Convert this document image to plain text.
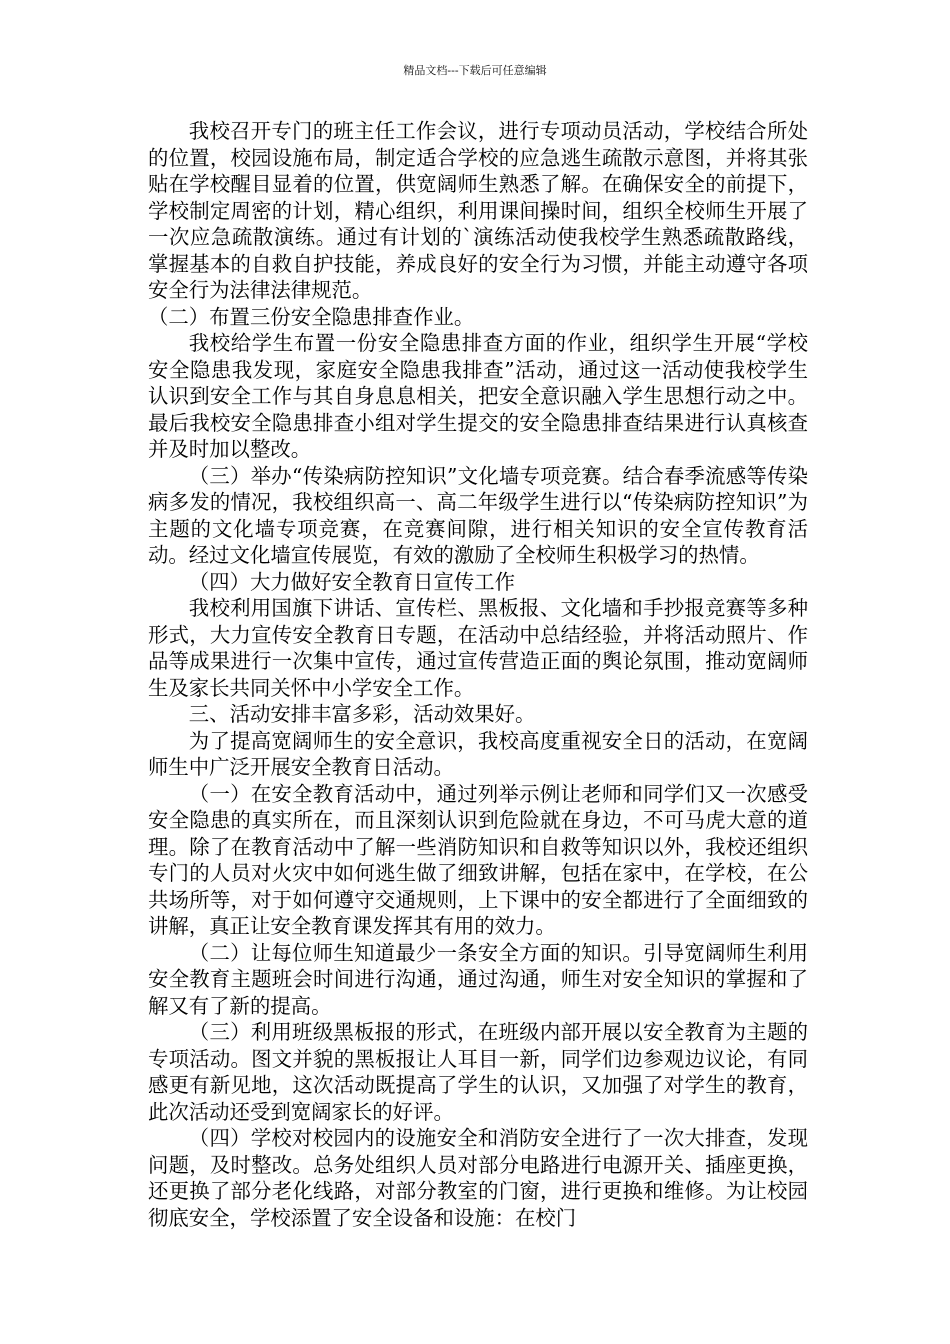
精品文档---下载后可任意编辑

我校召开专门的班主任工作会议，进行专项动员活动，学校结合所处的位置，校园设施布局，制定适合学校的应急逃生疏散示意图，并将其张贴在学校醒目显着的位置，供宽阔师生熟悉了解。在确保安全的前提下，学校制定周密的计划，精心组织，利用课间操时间，组织全校师生开展了一次应急疏散演练。通过有计划的`演练活动使我校学生熟悉疏散路线，掌握基本的自救自护技能，养成良好的安全行为习惯，并能主动遵守各项安全行为法律法律规范。

（二）布置三份安全隐患排查作业。

我校给学生布置一份安全隐患排查方面的作业，组织学生开展“学校安全隐患我发现，家庭安全隐患我排查”活动，通过这一活动使我校学生认识到安全工作与其自身息息相关，把安全意识融入学生思想行动之中。最后我校安全隐患排查小组对学生提交的安全隐患排查结果进行认真核查并及时加以整改。

（三）举办“传染病防控知识”文化墙专项竞赛。结合春季流感等传染病多发的情况，我校组织高一、高二年级学生进行以“传染病防控知识”为主题的文化墙专项竞赛，在竞赛间隙，进行相关知识的安全宣传教育活动。经过文化墙宣传展览，有效的激励了全校师生积极学习的热情。

（四）大力做好安全教育日宣传工作

我校利用国旗下讲话、宣传栏、黑板报、文化墙和手抄报竞赛等多种形式，大力宣传安全教育日专题，在活动中总结经验，并将活动照片、作品等成果进行一次集中宣传，通过宣传营造正面的舆论氛围，推动宽阔师生及家长共同关怀中小学安全工作。

三、活动安排丰富多彩，活动效果好。

为了提高宽阔师生的安全意识，我校高度重视安全日的活动，在宽阔师生中广泛开展安全教育日活动。

（一）在安全教育活动中，通过列举示例让老师和同学们又一次感受安全隐患的真实所在，而且深刻认识到危险就在身边，不可马虎大意的道理。除了在教育活动中了解一些消防知识和自救等知识以外，我校还组织专门的人员对火灾中如何逃生做了细致讲解，包括在家中，在学校，在公共场所等，对于如何遵守交通规则，上下课中的安全都进行了全面细致的讲解，真正让安全教育课发挥其有用的效力。

（二）让每位师生知道最少一条安全方面的知识。引导宽阔师生利用安全教育主题班会时间进行沟通，通过沟通，师生对安全知识的掌握和了解又有了新的提高。

（三）利用班级黑板报的形式，在班级内部开展以安全教育为主题的专项活动。图文并貌的黑板报让人耳目一新，同学们边参观边议论，有同感更有新见地，这次活动既提高了学生的认识，又加强了对学生的教育，此次活动还受到宽阔家长的好评。

（四）学校对校园内的设施安全和消防安全进行了一次大排查，发现问题，及时整改。总务处组织人员对部分电路进行电源开关、插座更换，还更换了部分老化线路，对部分教室的门窗，进行更换和维修。为让校园彻底安全，学校添置了安全设备和设施：在校门
